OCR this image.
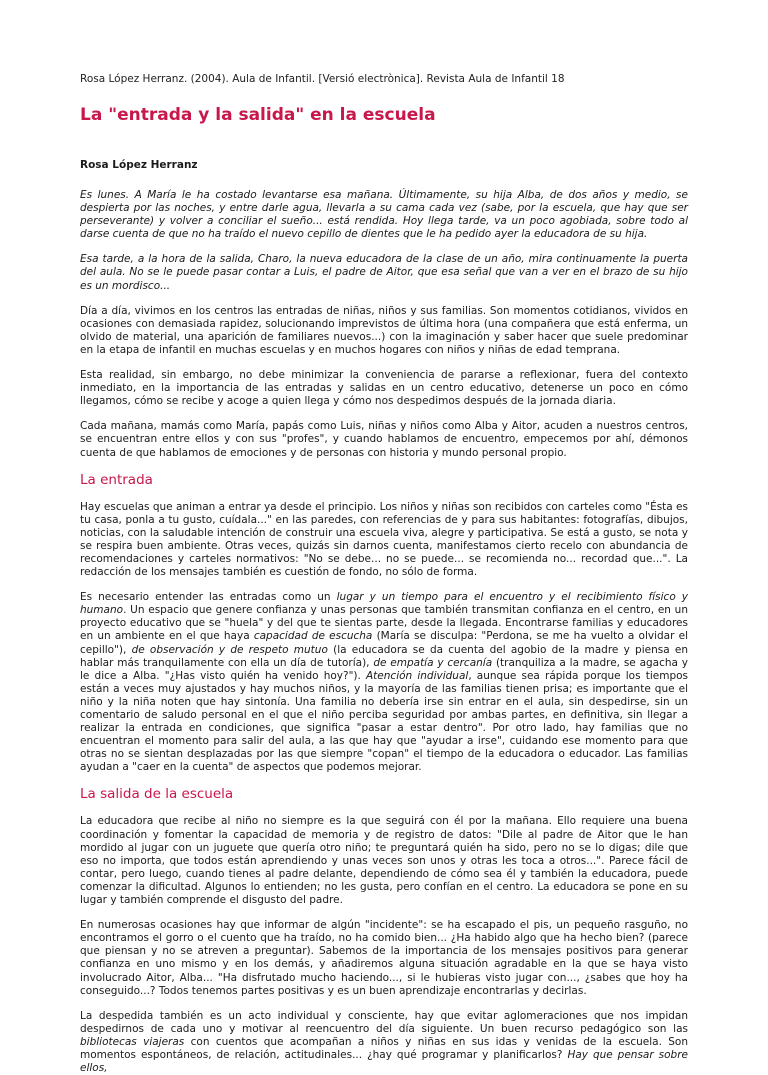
Rosa López Herranz. (2004). Aula de Infantil. [Versió electrònica]. Revista Aula de Infantil 18
La "entrada y la salida" en la escuela
Rosa López Herranz

Es lunes. A María le ha costado levantarse esa mañana. Últimamente, su hija Alba, de dos años y medio, se despierta por las noches, y entre darle agua, llevarla a su cama cada vez (sabe, por la escuela, que hay que ser perseverante) y volver a conciliar el sueño... está rendida. Hoy llega tarde, va un poco agobiada, sobre todo al darse cuenta de que no ha traído el nuevo cepillo de dientes que le ha pedido ayer la educadora de su hija.

Esa tarde, a la hora de la salida, Charo, la nueva educadora de la clase de un año, mira continuamente la puerta del aula. No se le puede pasar contar a Luis, el padre de Aitor, que esa señal que van a ver en el brazo de su hijo es un mordisco...

Día a día, vivimos en los centros las entradas de niñas, niños y sus familias. Son momentos cotidianos, vividos en ocasiones con demasiada rapidez, solucionando imprevistos de última hora (una compañera que está enferma, un olvido de material, una aparición de familiares nuevos...) con la imaginación y saber hacer que suele predominar en la etapa de infantil en muchas escuelas y en muchos hogares con niños y niñas de edad temprana.

Esta realidad, sin embargo, no debe minimizar la conveniencia de pararse a reflexionar, fuera del contexto inmediato, en la importancia de las entradas y salidas en un centro educativo, detenerse un poco en cómo llegamos, cómo se recibe y acoge a quien llega y cómo nos despedimos después de la jornada diaria.

Cada mañana, mamás como María, papás como Luis, niñas y niños como Alba y Aitor, acuden a nuestros centros, se encuentran entre ellos y con sus "profes", y cuando hablamos de encuentro, empecemos por ahí, démonos cuenta de que hablamos de emociones y de personas con historia y mundo personal propio.

La entrada

Hay escuelas que animan a entrar ya desde el principio. Los niños y niñas son recibidos con carteles como "Ésta es tu casa, ponla a tu gusto, cuídala..." en las paredes, con referencias de y para sus habitantes: fotografías, dibujos, noticias, con la saludable intención de construir una escuela viva, alegre y participativa. Se está a gusto, se nota y se respira buen ambiente. Otras veces, quizás sin darnos cuenta, manifestamos cierto recelo con abundancia de recomendaciones y carteles normativos: "No se debe... no se puede... se recomienda no... recordad que...". La redacción de los mensajes también es cuestión de fondo, no sólo de forma.

Es necesario entender las entradas como un lugar y un tiempo para el encuentro y el recibimiento físico y humano. Un espacio que genere confianza y unas personas que también transmitan confianza en el centro, en un proyecto educativo que se "huela" y del que te sientas parte, desde la llegada. Encontrarse familias y educadores en un ambiente en el que haya capacidad de escucha (María se disculpa: "Perdona, se me ha vuelto a olvidar el cepillo"), de observación y de respeto mutuo (la educadora se da cuenta del agobio de la madre y piensa en hablar más tranquilamente con ella un día de tutoría), de empatía y cercanía (tranquiliza a la madre, se agacha y le dice a Alba. "¿Has visto quién ha venido hoy?"). Atención individual, aunque sea rápida porque los tiempos están a veces muy ajustados y hay muchos niños, y la mayoría de las familias tienen prisa; es importante que el niño y la niña noten que hay sintonía. Una familia no debería irse sin entrar en el aula, sin despedirse, sin un comentario de saludo personal en el que el niño perciba seguridad por ambas partes, en definitiva, sin llegar a realizar la entrada en condiciones, que significa "pasar a estar dentro". Por otro lado, hay familias que no encuentran el momento para salir del aula, a las que hay que "ayudar a irse", cuidando ese momento para que otras no se sientan desplazadas por las que siempre "copan" el tiempo de la educadora o educador. Las familias ayudan a "caer en la cuenta" de aspectos que podemos mejorar.

La salida de la escuela

La educadora que recibe al niño no siempre es la que seguirá con él por la mañana. Ello requiere una buena coordinación y fomentar la capacidad de memoria y de registro de datos: "Dile al padre de Aitor que le han mordido al jugar con un juguete que quería otro niño; te preguntará quién ha sido, pero no se lo digas; dile que eso no importa, que todos están aprendiendo y unas veces son unos y otras les toca a otros...". Parece fácil de contar, pero luego, cuando tienes al padre delante, dependiendo de cómo sea él y también la educadora, puede comenzar la dificultad. Algunos lo entienden; no les gusta, pero confían en el centro. La educadora se pone en su lugar y también comprende el disgusto del padre.

En numerosas ocasiones hay que informar de algún "incidente": se ha escapado el pis, un pequeño rasguño, no encontramos el gorro o el cuento que ha traído, no ha comido bien... ¿Ha habido algo que ha hecho bien? (parece que piensan y no se atreven a preguntar). Sabemos de la importancia de los mensajes positivos para generar confianza en uno mismo y en los demás, y añadiremos alguna situación agradable en la que se haya visto involucrado Aitor, Alba... "Ha disfrutado mucho haciendo..., si le hubieras visto jugar con..., ¿sabes que hoy ha conseguido...? Todos tenemos partes positivas y es un buen aprendizaje encontrarlas y decirlas.

La despedida también es un acto individual y consciente, hay que evitar aglomeraciones que nos impidan despedirnos de cada uno y motivar al reencuentro del día siguiente. Un buen recurso pedagógico son las bibliotecas viajeras con cuentos que acompañan a niños y niñas en sus idas y venidas de la escuela. Son momentos espontáneos, de relación, actitudinales... ¿hay qué programar y planificarlos? Hay que pensar sobre ellos,
